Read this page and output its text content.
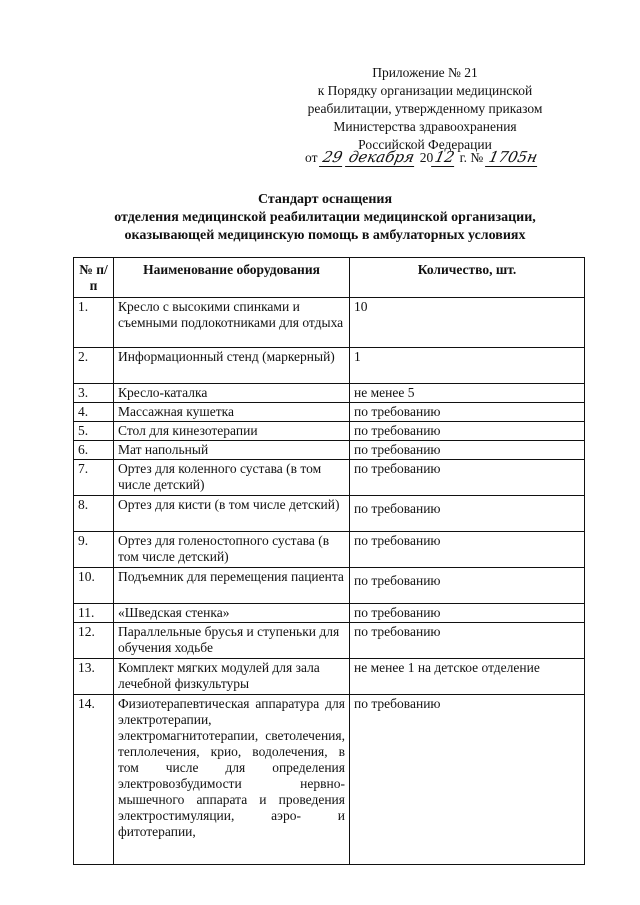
Приложение № 21
к Порядку организации медицинской
реабилитации, утвержденному приказом
Министерства здравоохранения
Российской Федерации
от 29 декабря 2012 г. № 1705н
Стандарт оснащения
отделения медицинской реабилитации медицинской организации,
оказывающей медицинскую помощь в амбулаторных условиях
№ п/п	Наименование оборудования	Количество, шт.
1.	Кресло с высокими спинками и съемными подлокотниками для отдыха	10
2.	Информационный стенд (маркерный)	1
3.	Кресло-каталка	не менее 5
4.	Массажная кушетка	по требованию
5.	Стол для кинезотерапии	по требованию
6.	Мат напольный	по требованию
7.	Ортез для коленного сустава (в том числе детский)	по требованию
8.	Ортез для кисти (в том числе детский)	по требованию
9.	Ортез для голеностопного сустава (в том числе детский)	по требованию
10.	Подъемник для перемещения пациента	по требованию
11.	«Шведская стенка»	по требованию
12.	Параллельные брусья и ступеньки для обучения ходьбе	по требованию
13.	Комплект мягких модулей для зала лечебной физкультуры	не менее 1 на детское отделение
14.	Физиотерапевтическая аппаратура для электротерапии, электромагнитотерапии, светолечения, теплолечения, крио, водолечения, в том числе для определения электровозбудимости нервно-мышечного аппарата и проведения электростимуляции, аэро- и фитотерапии,	по требованию
